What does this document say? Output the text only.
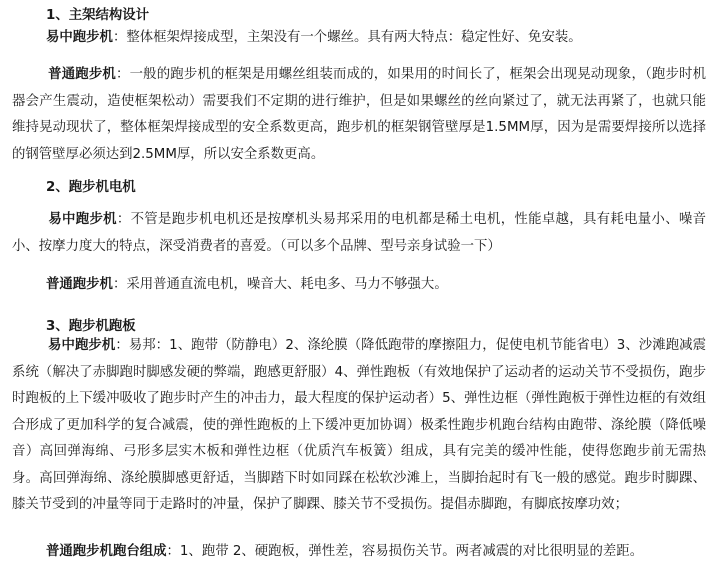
1、主架结构设计

易中跑步机：整体框架焊接成型，主架没有一个螺丝。具有两大特点：稳定性好、免安装。

普通跑步机：一般的跑步机的框架是用螺丝组装而成的，如果用的时间长了，框架会出现晃动现象，（跑步时机器会产生震动，造使框架松动）需要我们不定期的进行维护，但是如果螺丝的丝向紧过了，就无法再紧了，也就只能维持晃动现状了，整体框架焊接成型的安全系数更高，跑步机的框架钢管壁厚是1.5MM厚，因为是需要焊接所以选择的钢管壁厚必须达到2.5MM厚，所以安全系数更高。

2、跑步机电机

易中跑步机：不管是跑步机电机还是按摩机头易邦采用的电机都是稀土电机，性能卓越，具有耗电量小、噪音小、按摩力度大的特点，深受消费者的喜爱。（可以多个品牌、型号亲身试验一下）

普通跑步机：采用普通直流电机，噪音大、耗电多、马力不够强大。

3、跑步机跑板

易中跑步机：易邦：1、跑带（防静电）2、涤纶膜（降低跑带的摩擦阻力，促使电机节能省电）3、沙滩跑减震系统（解决了赤脚跑时脚感发硬的弊端，跑感更舒服）4、弹性跑板（有效地保护了运动者的运动关节不受损伤，跑步时跑板的上下缓冲吸收了跑步时产生的冲击力，最大程度的保护运动者）5、弹性边框（弹性跑板于弹性边框的有效组合形成了更加科学的复合减震，使的弹性跑板的上下缓冲更加协调）极柔性跑步机跑台结构由跑带、涤纶膜（降低噪音）高回弹海绵、弓形多层实木板和弹性边框（优质汽车板簧）组成，具有完美的缓冲性能，使得您跑步前无需热身。高回弹海绵、涤纶膜脚感更舒适，当脚踏下时如同踩在松软沙滩上，当脚抬起时有飞一般的感觉。跑步时脚踝、膝关节受到的冲量等同于走路时的冲量，保护了脚踝、膝关节不受损伤。提倡赤脚跑，有脚底按摩功效；

普通跑步机跑台组成：1、跑带 2、硬跑板，弹性差，容易损伤关节。两者减震的对比很明显的差距。
